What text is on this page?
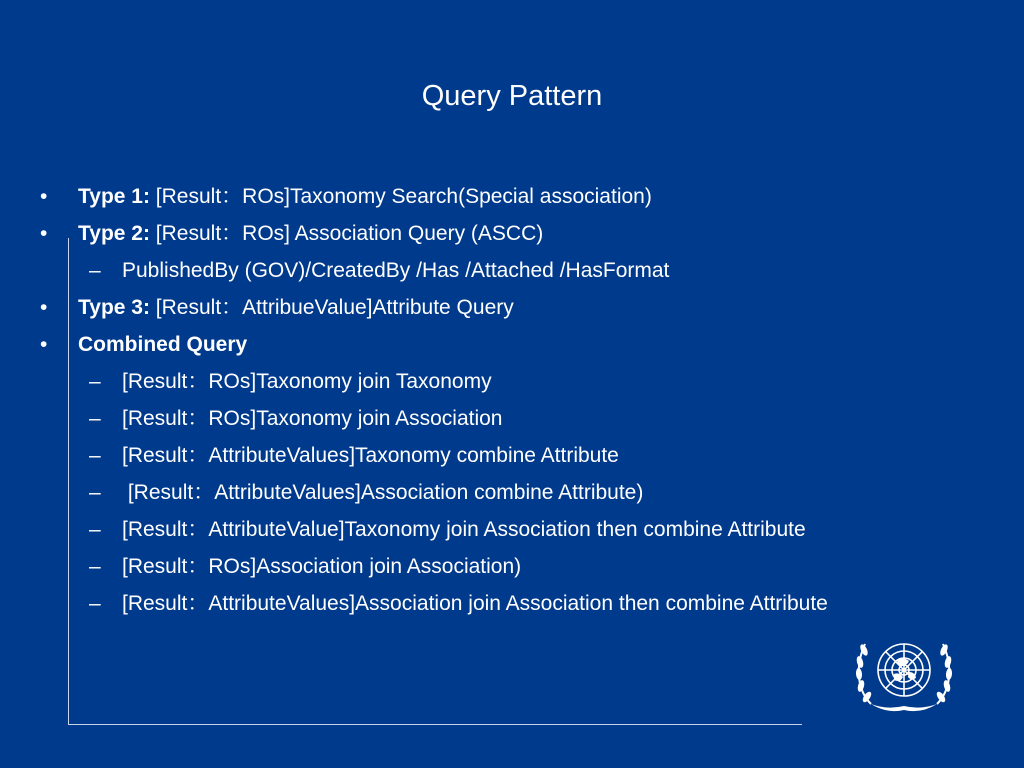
Query Pattern
• Type 1: [Result：ROs]Taxonomy Search(Special association)
• Type 2: [Result：ROs] Association Query (ASCC)
– PublishedBy (GOV)/CreatedBy /Has /Attached /HasFormat
• Type 3: [Result：AttribueValue]Attribute Query
• Combined Query
– [Result：ROs]Taxonomy join Taxonomy
– [Result：ROs]Taxonomy join Association
– [Result：AttributeValues]Taxonomy combine Attribute
– [Result：AttributeValues]Association combine Attribute)
– [Result：AttributeValue]Taxonomy join Association then combine Attribute
– [Result：ROs]Association join Association)
– [Result：AttributeValues]Association join Association then combine Attribute
